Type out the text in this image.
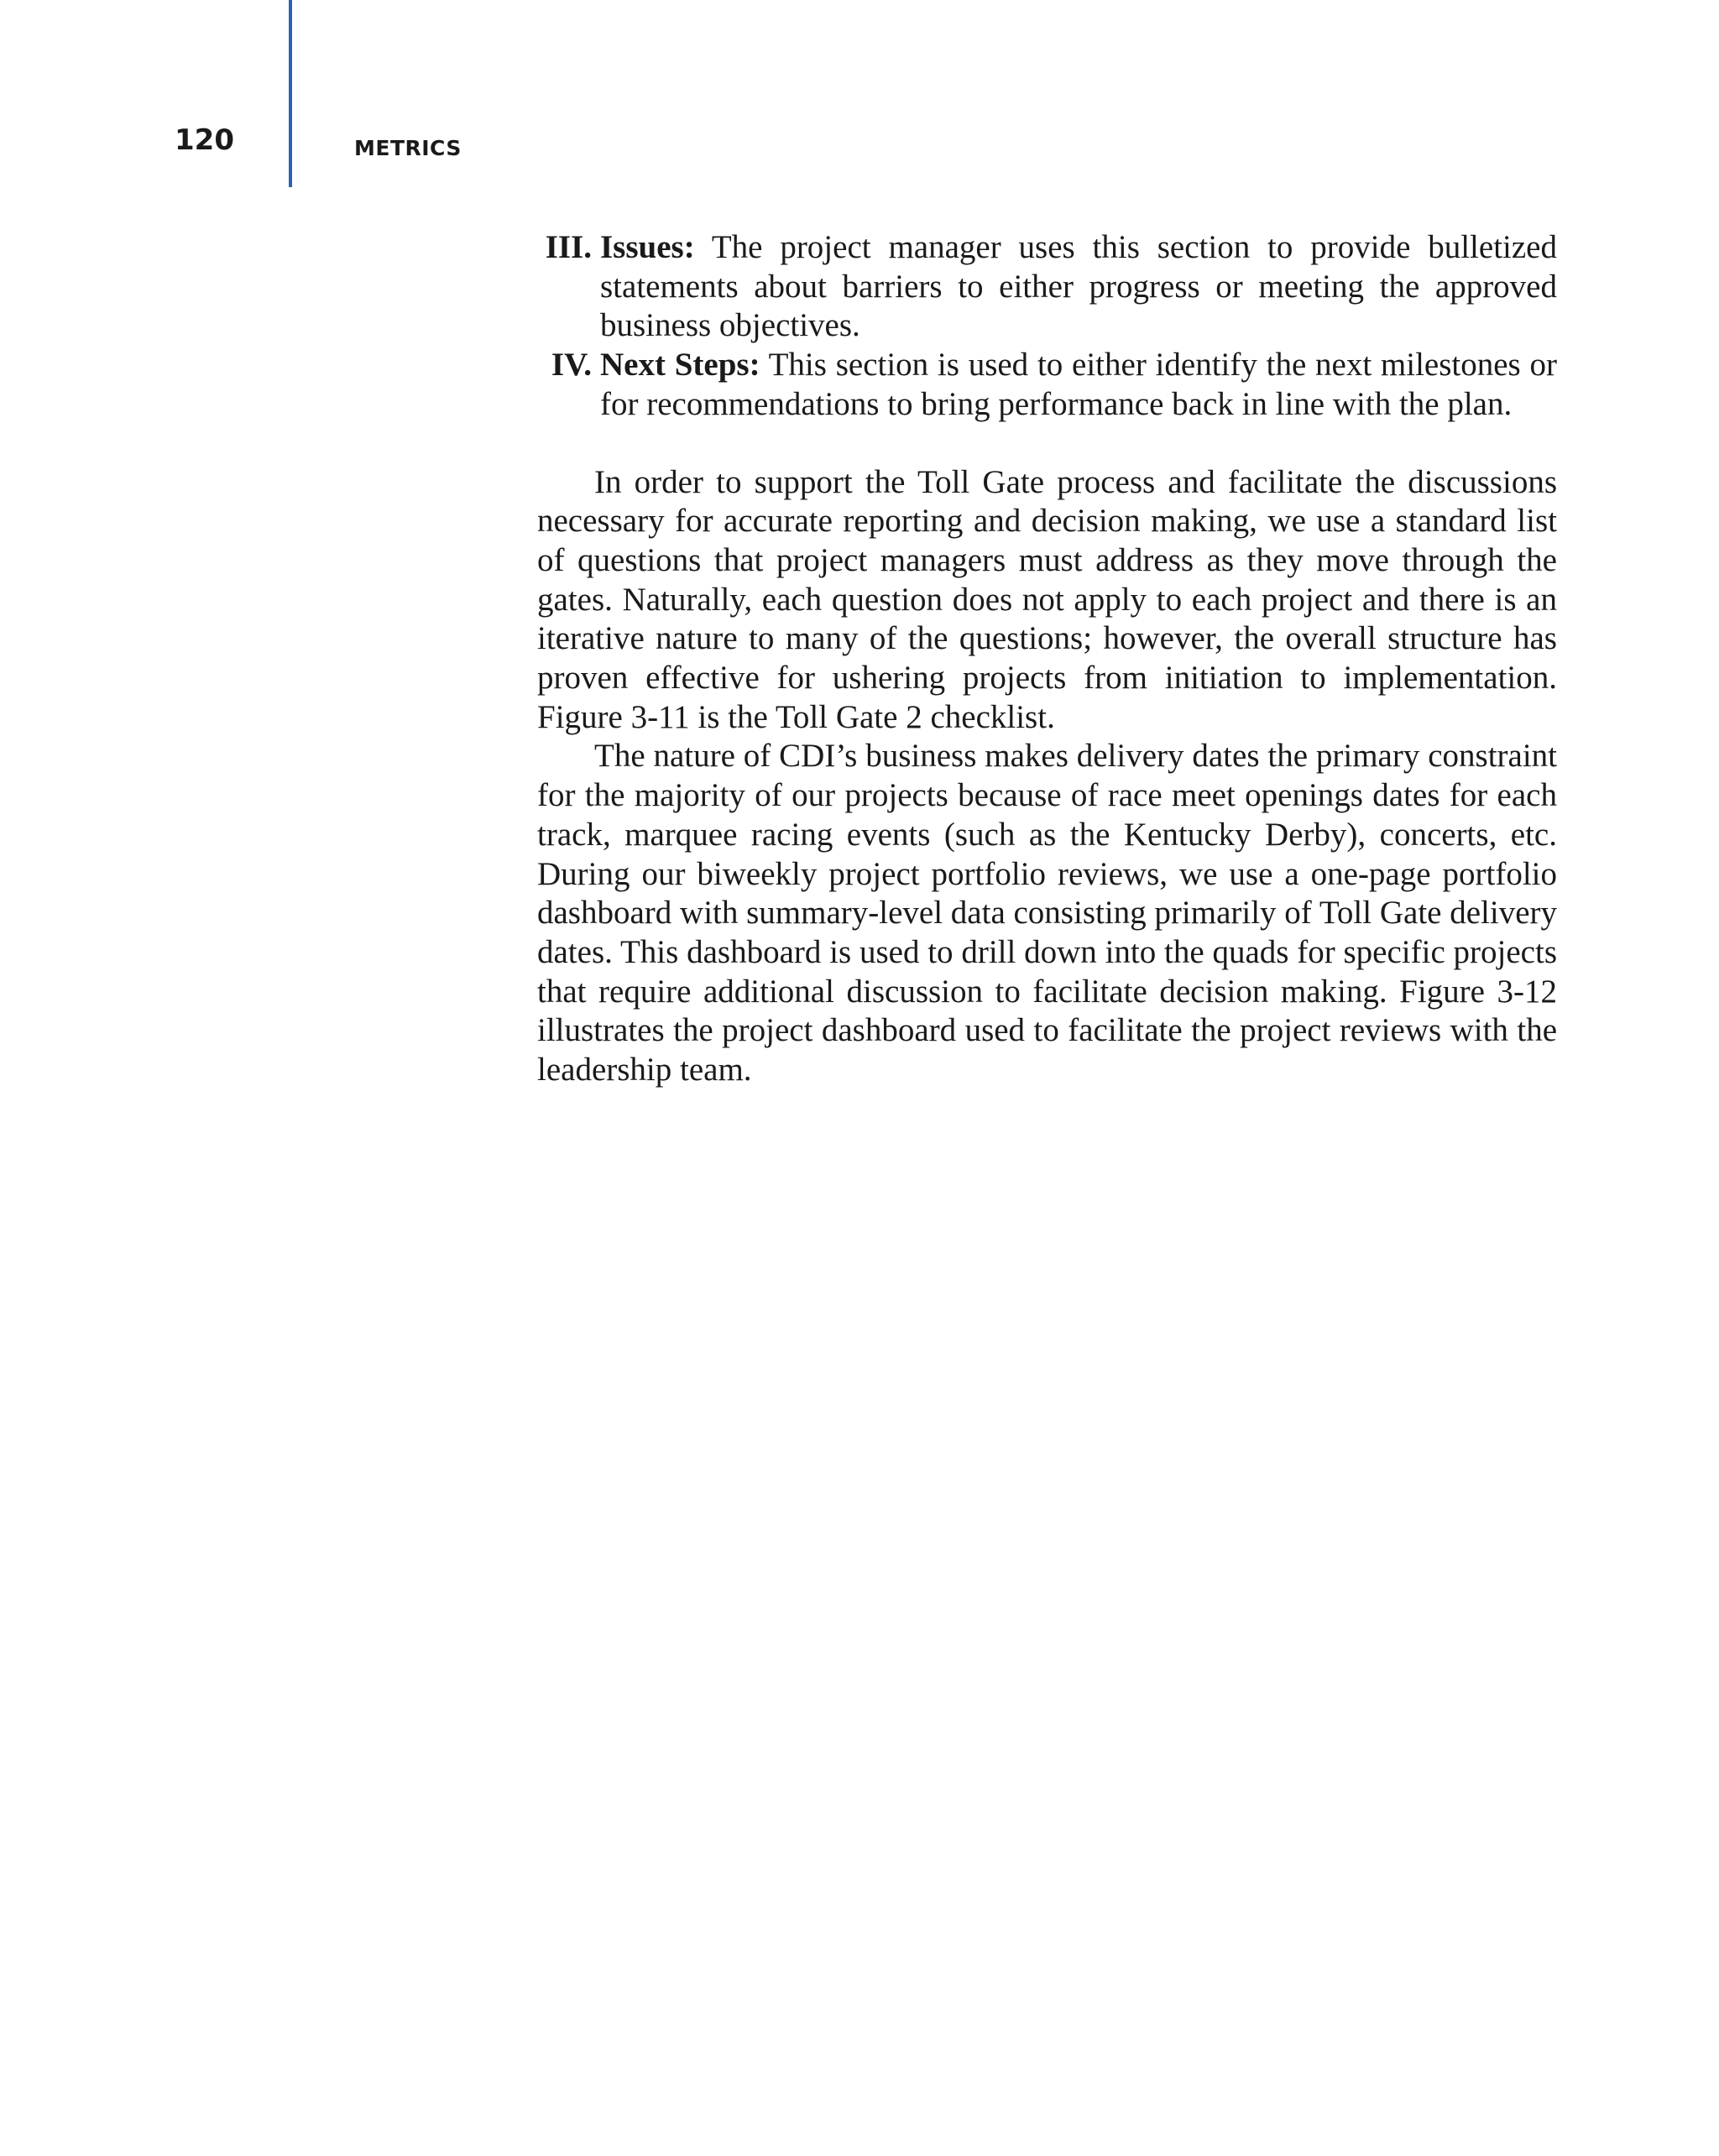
120	METRICS
III. Issues: The project manager uses this section to provide bulletized statements about barriers to either progress or meeting the approved business objectives.
IV. Next Steps: This section is used to either identify the next milestones or for recommendations to bring performance back in line with the plan.

In order to support the Toll Gate process and facilitate the discussions necessary for accurate reporting and decision making, we use a standard list of questions that project managers must address as they move through the gates. Naturally, each question does not apply to each project and there is an iterative nature to many of the questions; however, the overall structure has proven effective for ushering projects from initiation to implementation. Figure 3-11 is the Toll Gate 2 checklist.

The nature of CDI’s business makes delivery dates the primary constraint for the majority of our projects because of race meet openings dates for each track, marquee racing events (such as the Kentucky Derby), concerts, etc. During our biweekly project portfolio reviews, we use a one-page portfolio dashboard with summary-level data consisting primarily of Toll Gate delivery dates. This dashboard is used to drill down into the quads for specific projects that require additional discussion to facilitate decision making. Figure 3-12 illustrates the project dashboard used to facilitate the project reviews with the leadership team.
